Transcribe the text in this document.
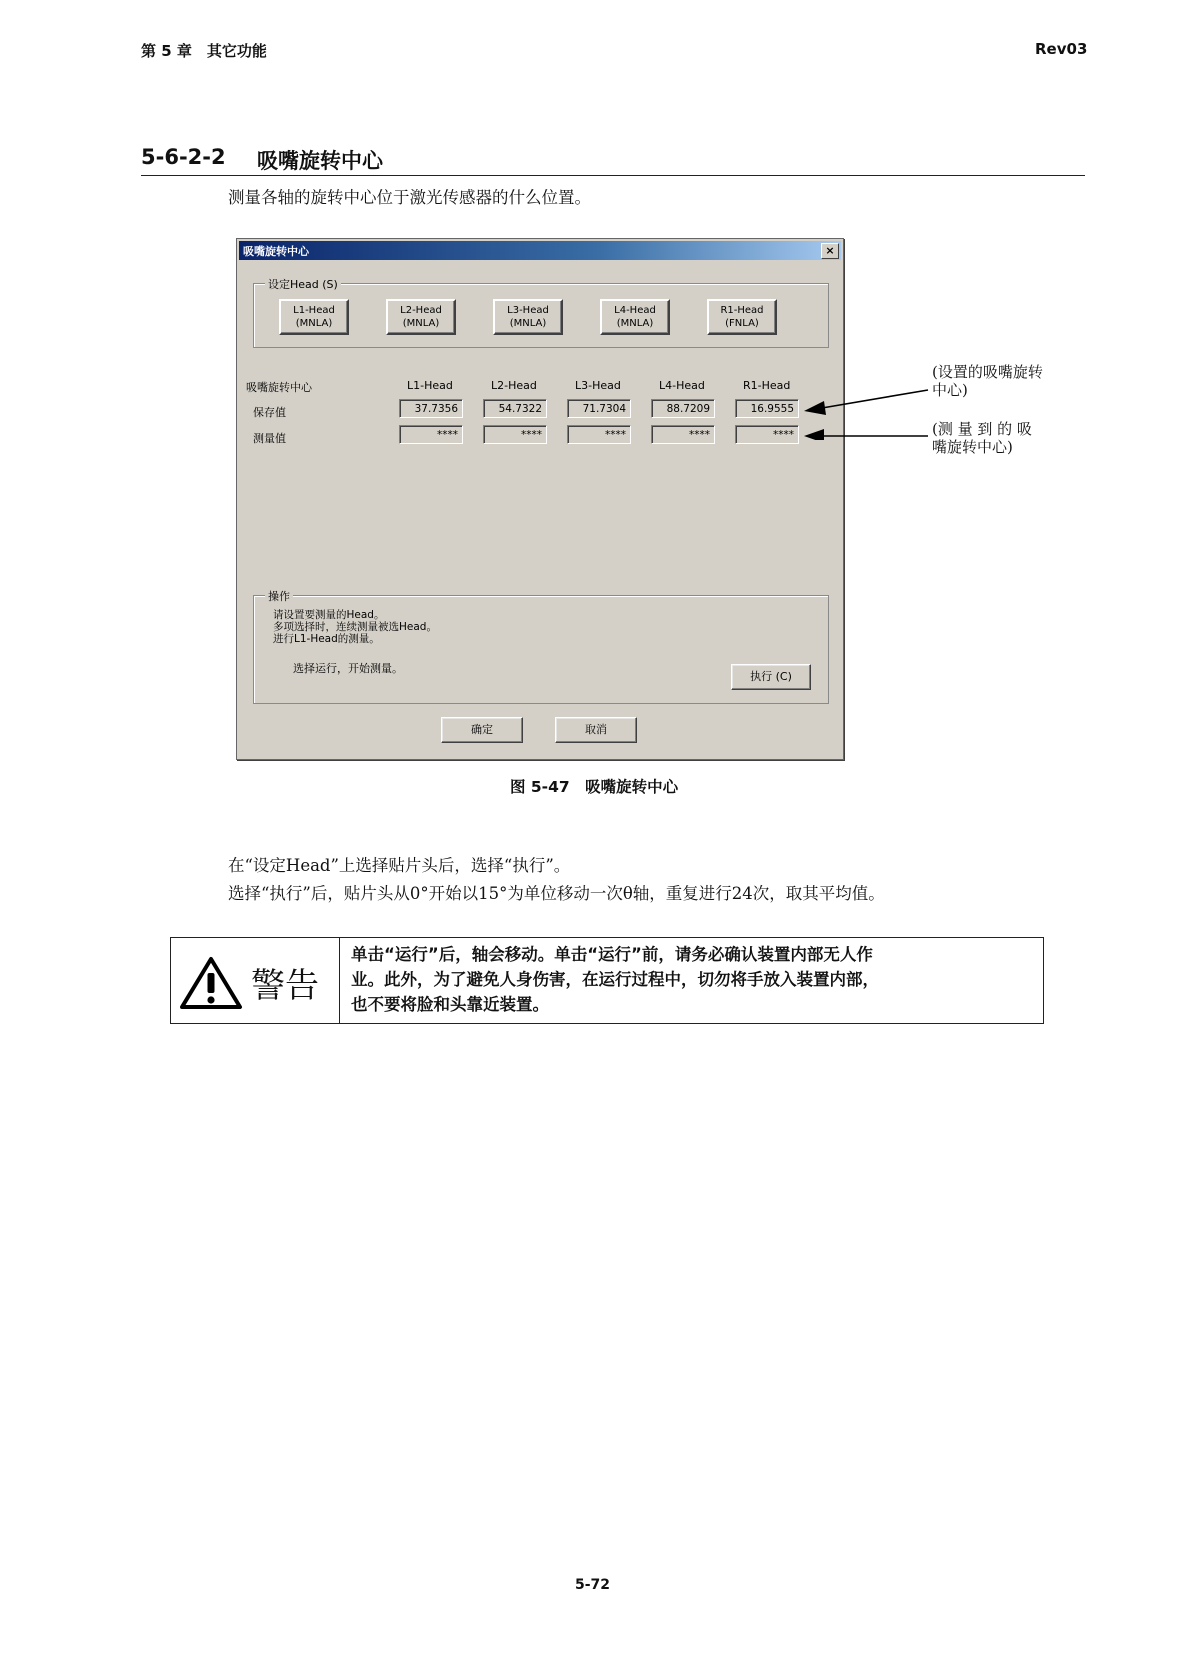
第 5 章　其它功能	Rev03
5-6-2-2 吸嘴旋转中心
测量各轴的旋转中心位于激光传感器的什么位置。
吸嘴旋转中心	×
设定Head (S)
L1-Head
(MNLA)
L2-Head
(MNLA)
L3-Head
(MNLA)
L4-Head
(MNLA)
R1-Head
(FNLA)
吸嘴旋转中心	L1-Head	L2-Head	L3-Head	L4-Head	R1-Head
保存值	37.7356	54.7322	71.7304	88.7209	16.9555
测量值	****	****	****	****	****
操作
请设置要测量的Head。
多项选择时，连续测量被选Head。
进行L1-Head的测量。
选择运行，开始测量。
执行 (C)
确定	取消
(设置的吸嘴旋转
中心)
(测 量 到 的 吸
嘴旋转中心)
图 5-47　吸嘴旋转中心
在“设定Head”上选择贴片头后，选择“执行”。
选择“执行”后，贴片头从0°开始以15°为单位移动一次θ轴，重复进行24次，取其平均值。
警告
单击“运行”后，轴会移动。单击“运行”前，请务必确认装置内部无人作
业。此外，为了避免人身伤害，在运行过程中，切勿将手放入装置内部，
也不要将脸和头靠近装置。
5-72
